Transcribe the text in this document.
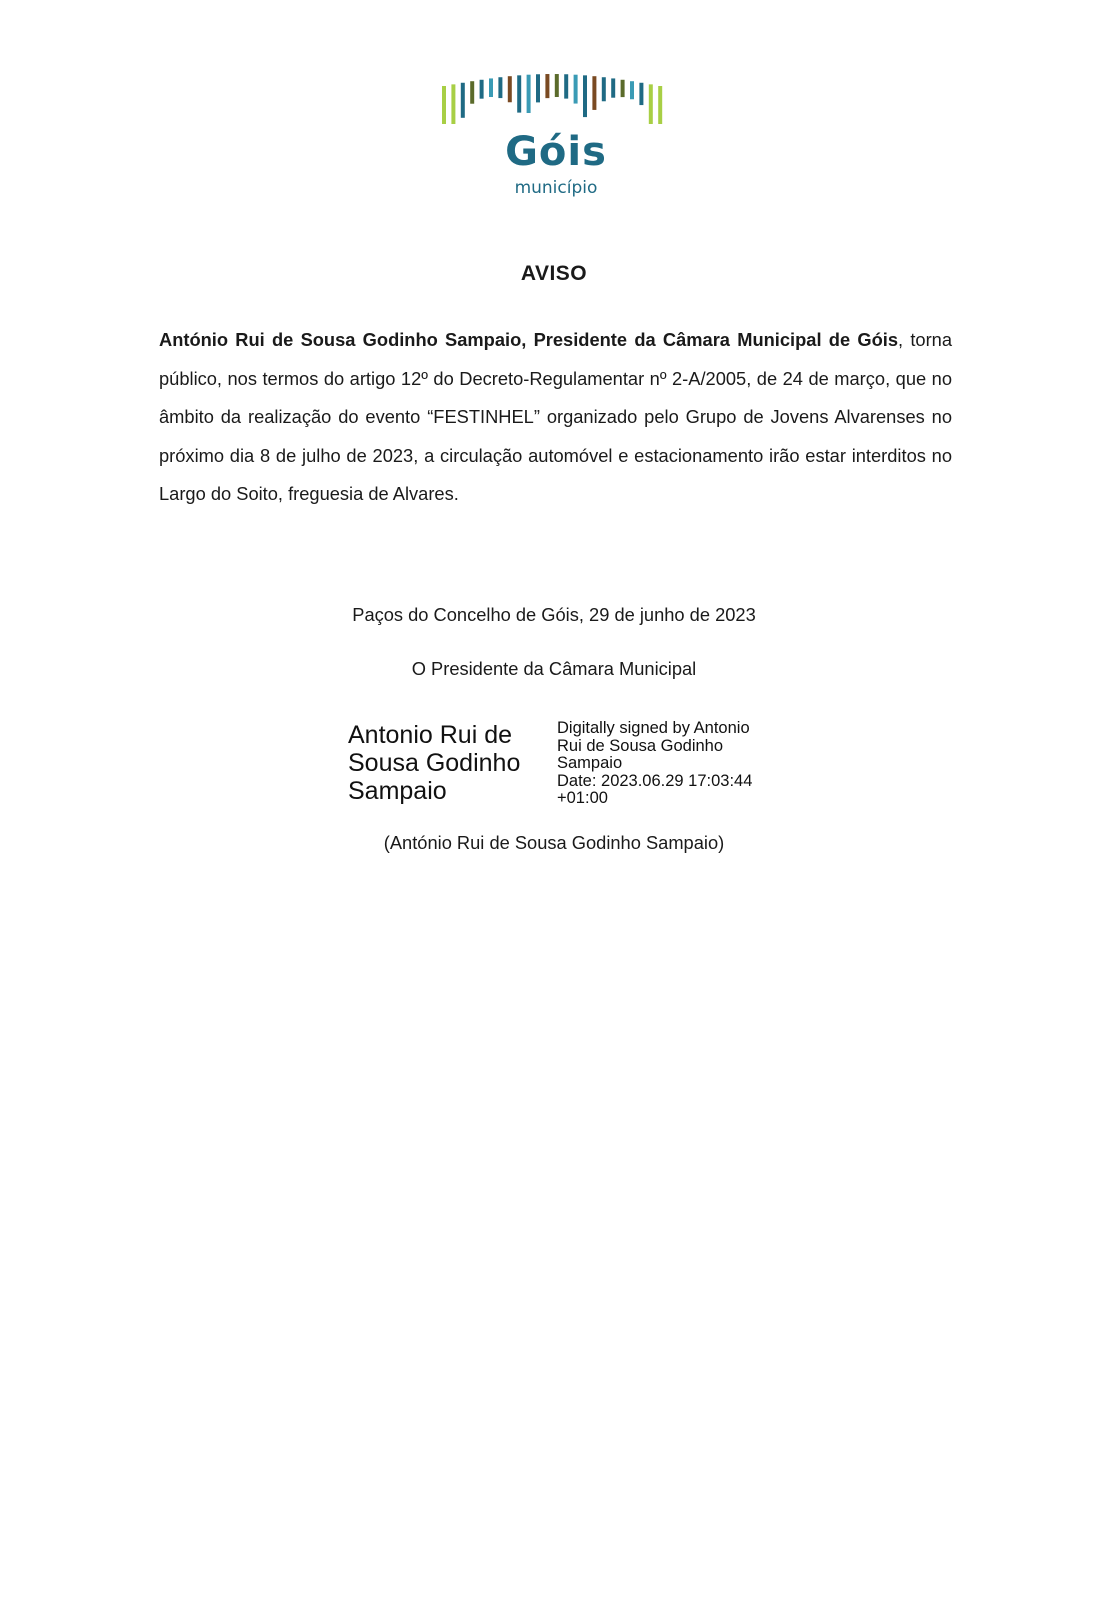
Góis
município
AVISO
António Rui de Sousa Godinho Sampaio, Presidente da Câmara Municipal de Góis, torna público, nos termos do artigo 12º do Decreto-Regulamentar nº 2-A/2005, de 24 de março, que no âmbito da realização do evento “FESTINHEL” organizado pelo Grupo de Jovens Alvarenses no próximo dia 8 de julho de 2023, a circulação automóvel e estacionamento irão estar interditos no Largo do Soito, freguesia de Alvares.
Paços do Concelho de Góis, 29 de junho de 2023
O Presidente da Câmara Municipal
Antonio Rui de
Sousa Godinho
Sampaio
Digitally signed by Antonio
Rui de Sousa Godinho
Sampaio
Date: 2023.06.29 17:03:44
+01:00
(António Rui de Sousa Godinho Sampaio)
